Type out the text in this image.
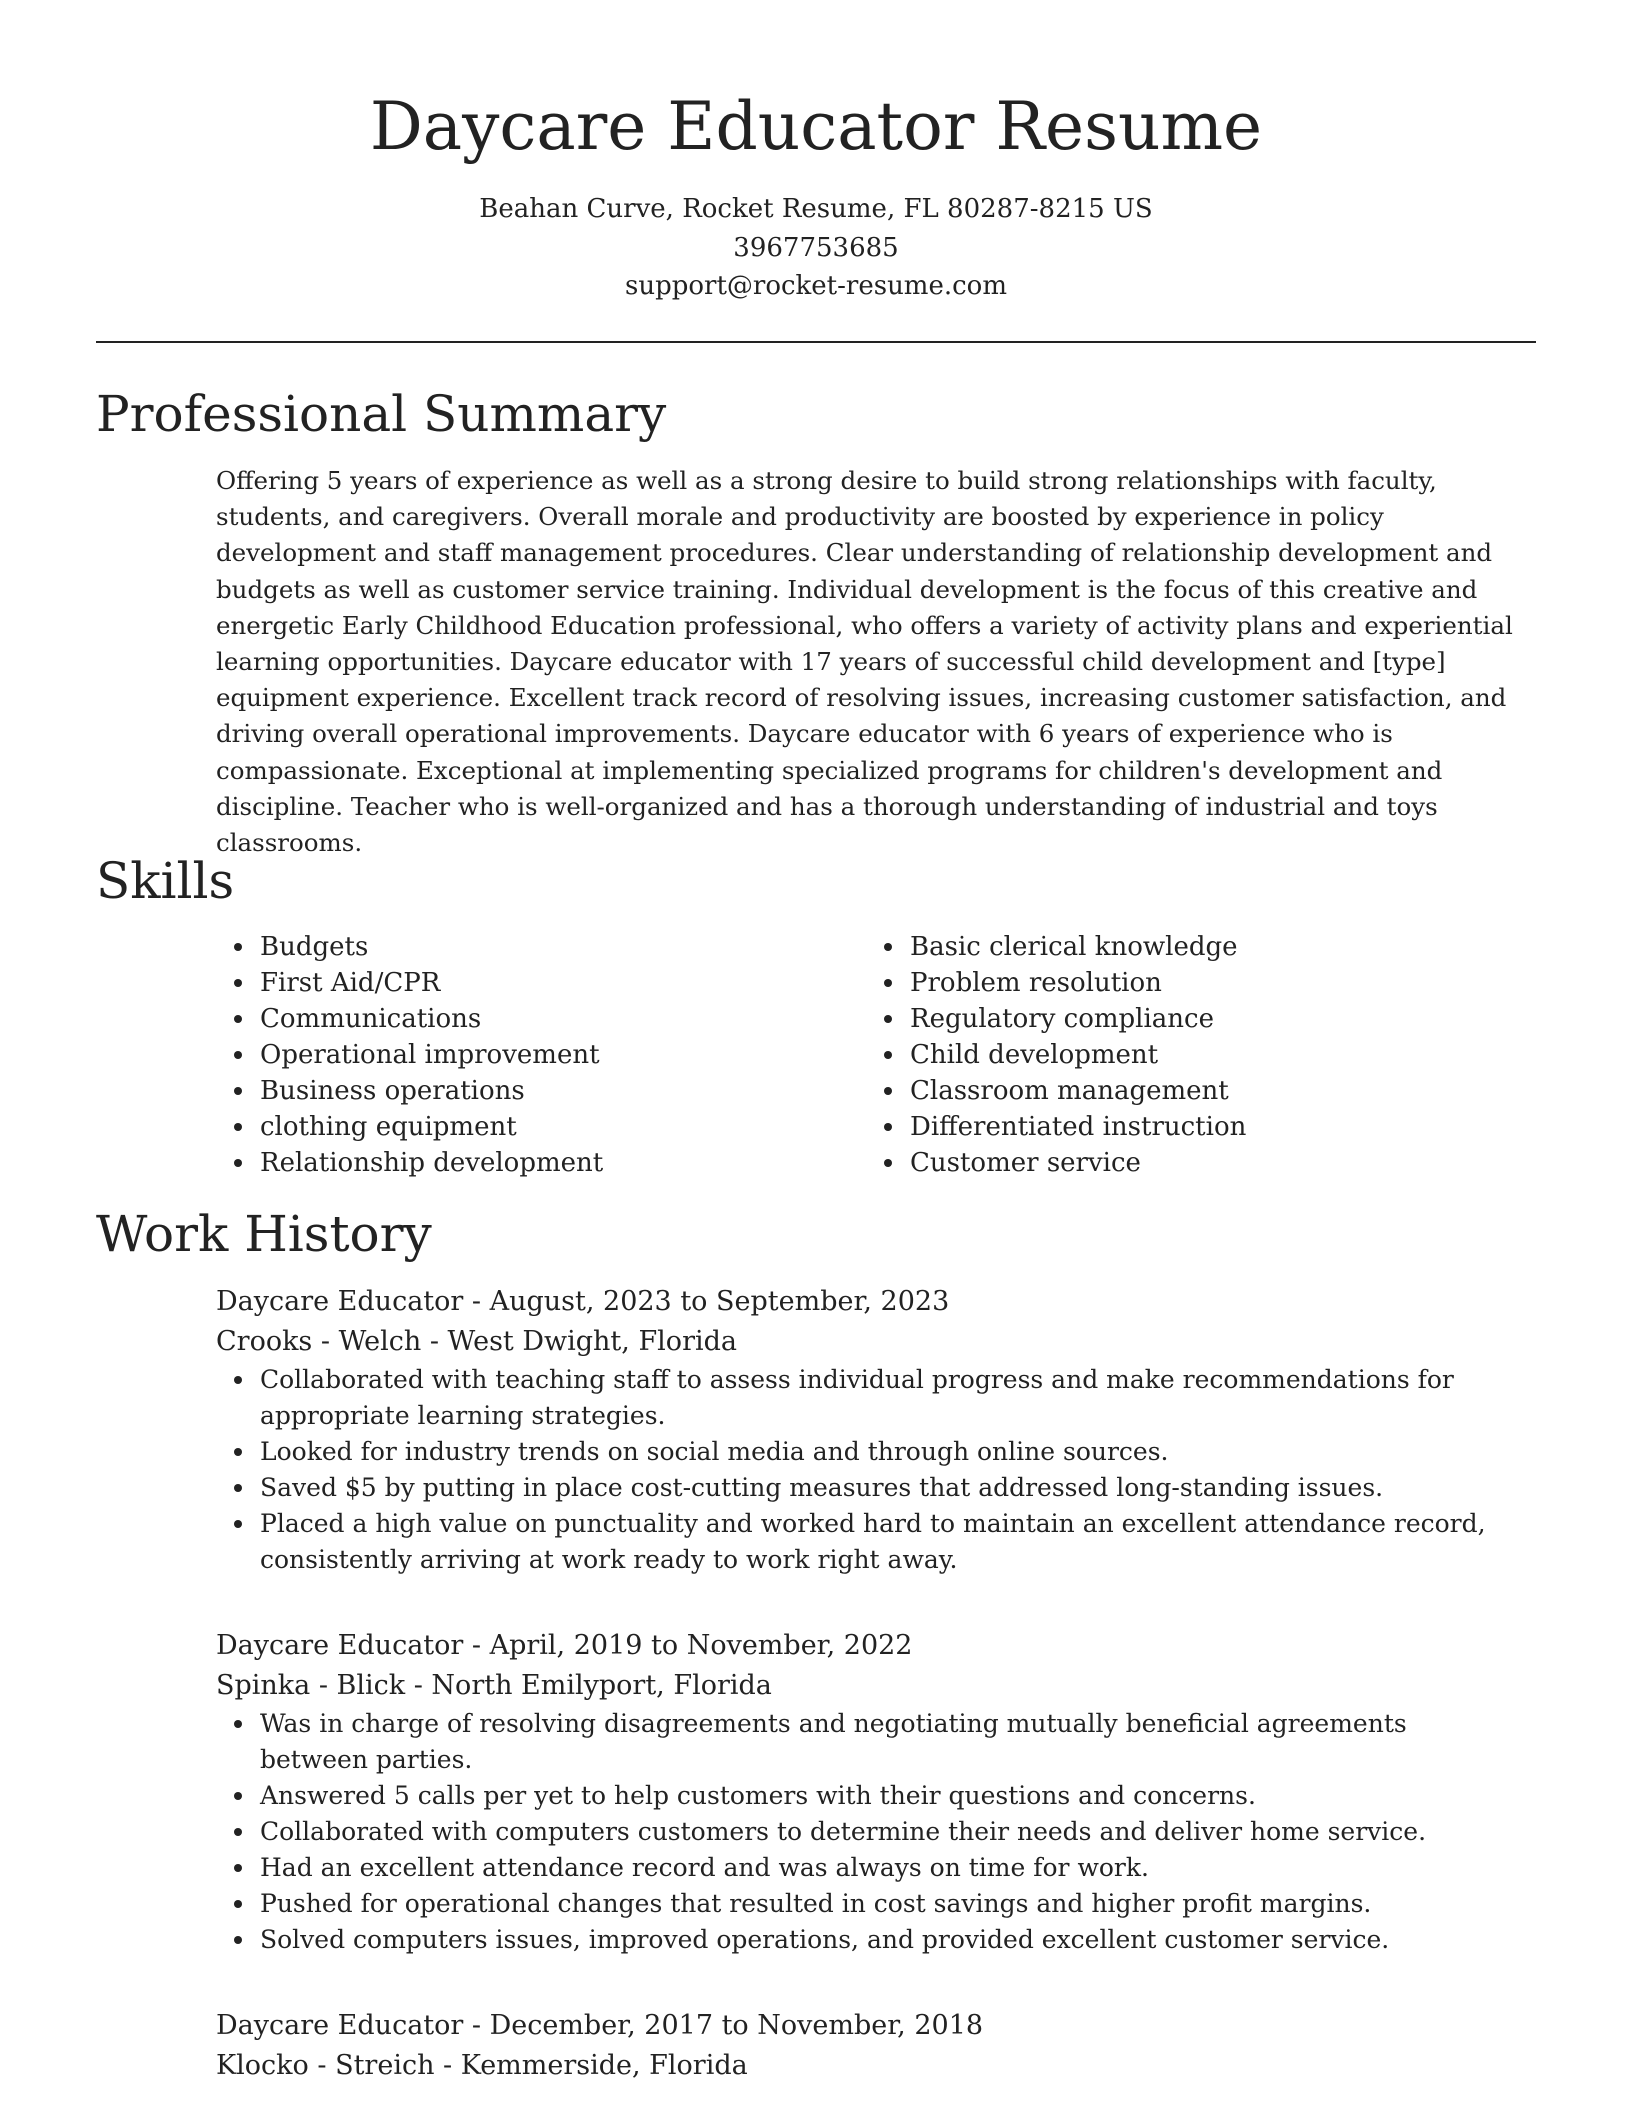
Daycare Educator Resume
Beahan Curve, Rocket Resume, FL 80287-8215 US
3967753685
support@rocket-resume.com
Professional Summary

Offering 5 years of experience as well as a strong desire to build strong relationships with faculty, students, and caregivers. Overall morale and productivity are boosted by experience in policy development and staff management procedures. Clear understanding of relationship development and budgets as well as customer service training. Individual development is the focus of this creative and energetic Early Childhood Education professional, who offers a variety of activity plans and experiential learning opportunities. Daycare educator with 17 years of successful child development and [type] equipment experience. Excellent track record of resolving issues, increasing customer satisfaction, and driving overall operational improvements. Daycare educator with 6 years of experience who is compassionate. Exceptional at implementing specialized programs for children's development and discipline. Teacher who is well-organized and has a thorough understanding of industrial and toys classrooms.

Skills
Budgets
First Aid/CPR
Communications
Operational improvement
Business operations
clothing equipment
Relationship development
Basic clerical knowledge
Problem resolution
Regulatory compliance
Child development
Classroom management
Differentiated instruction
Customer service
Work History
Daycare Educator - August, 2023 to September, 2023
Crooks - Welch - West Dwight, Florida
Collaborated with teaching staff to assess individual progress and make recommendations for appropriate learning strategies.
Looked for industry trends on social media and through online sources.
Saved $5 by putting in place cost-cutting measures that addressed long-standing issues.
Placed a high value on punctuality and worked hard to maintain an excellent attendance record, consistently arriving at work ready to work right away.
Daycare Educator - April, 2019 to November, 2022
Spinka - Blick - North Emilyport, Florida
Was in charge of resolving disagreements and negotiating mutually beneficial agreements between parties.
Answered 5 calls per yet to help customers with their questions and concerns.
Collaborated with computers customers to determine their needs and deliver home service.
Had an excellent attendance record and was always on time for work.
Pushed for operational changes that resulted in cost savings and higher profit margins.
Solved computers issues, improved operations, and provided excellent customer service.
Daycare Educator - December, 2017 to November, 2018
Klocko - Streich - Kemmerside, Florida
